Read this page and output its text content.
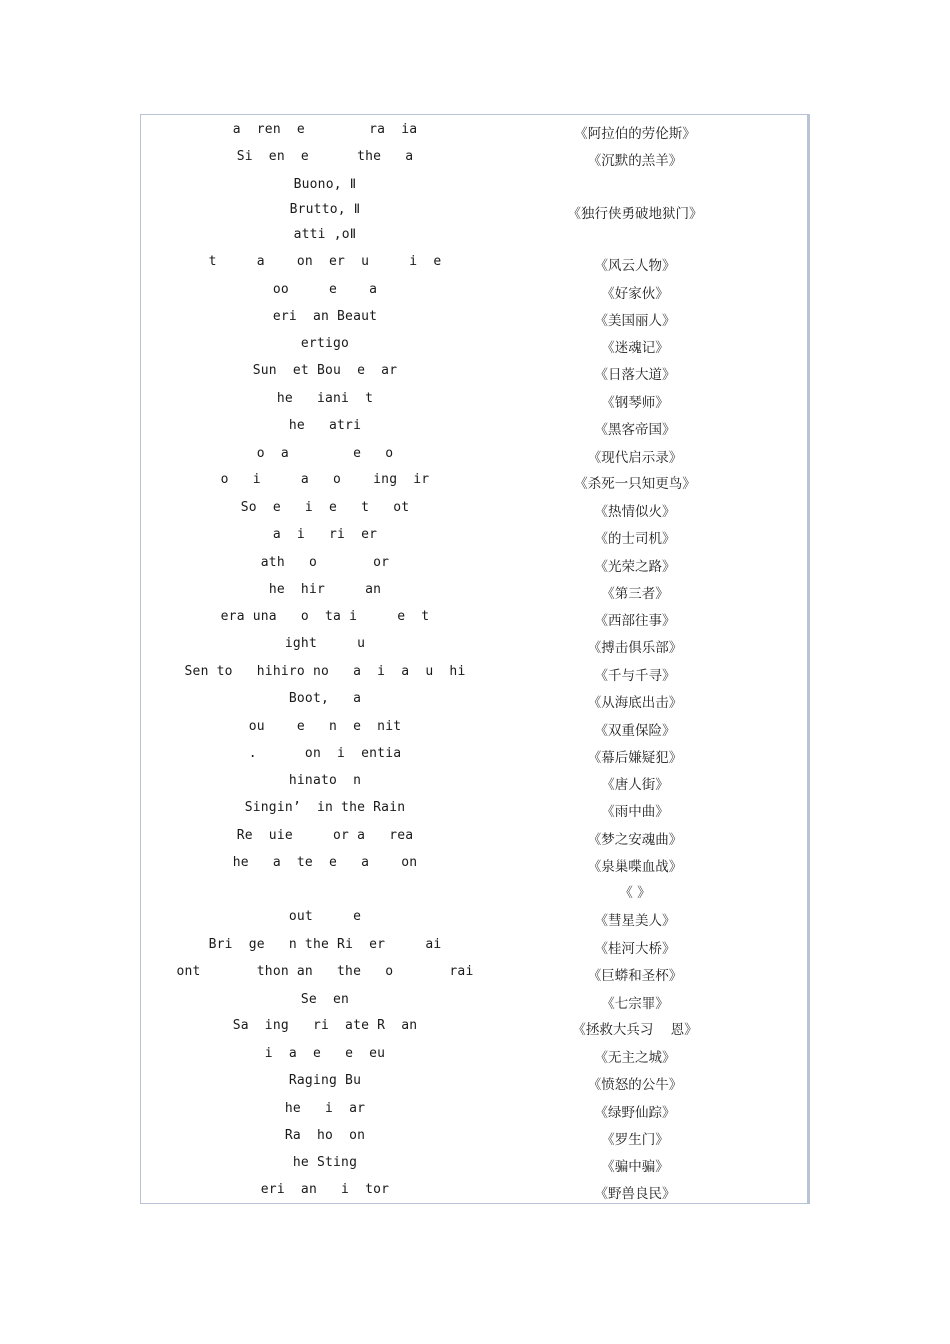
a  ren  e        ra  ia	《阿拉伯的劳伦斯》
Si  en  e      the   a	《沉默的羔羊》
Buono, Ⅱ
Brutto, Ⅱ	《独行侠勇破地狱门》
atti ,oⅡ
t     a    on  er  u     i  e	《风云人物》
oo     e    a	《好家伙》
eri  an Beaut	《美国丽人》
ertigo	《迷魂记》
Sun  et Bou  e  ar	《日落大道》
he   iani  t	《钢琴师》
he   atri	《黑客帝国》
o  a        e   o	《现代启示录》
o   i     a   o    ing  ir	《杀死一只知更鸟》
So  e   i  e   t   ot	《热情似火》
a  i   ri  er	《的士司机》
ath   o       or	《光荣之路》
he  hir     an	《第三者》
era una   o  ta i     e  t	《西部往事》
ight     u	《搏击俱乐部》
Sen to   hihiro no   a  i  a  u  hi	《千与千寻》
Boot,   a	《从海底出击》
ou    e   n  e  nit	《双重保险》
.      on  i  entia	《幕后嫌疑犯》
hinato  n	《唐人街》
Singin’  in the Rain	《雨中曲》
Re  uie     or a   rea	《梦之安魂曲》
he   a  te  e   a    on	《泉巢喋血战》
《 》
out     e	《彗星美人》
Bri  ge   n the Ri  er     ai	《桂河大桥》
ont       thon an   the   o       rai	《巨蟒和圣杯》
Se  en	《七宗罪》
Sa  ing   ri  ate R  an	《拯救大兵习    恩》
i  a  e   e  eu	《无主之城》
Raging Bu	《愤怒的公牛》
he   i  ar	《绿野仙踪》
Ra  ho  on	《罗生门》
he Sting	《骗中骗》
eri  an   i  tor	《野兽良民》
